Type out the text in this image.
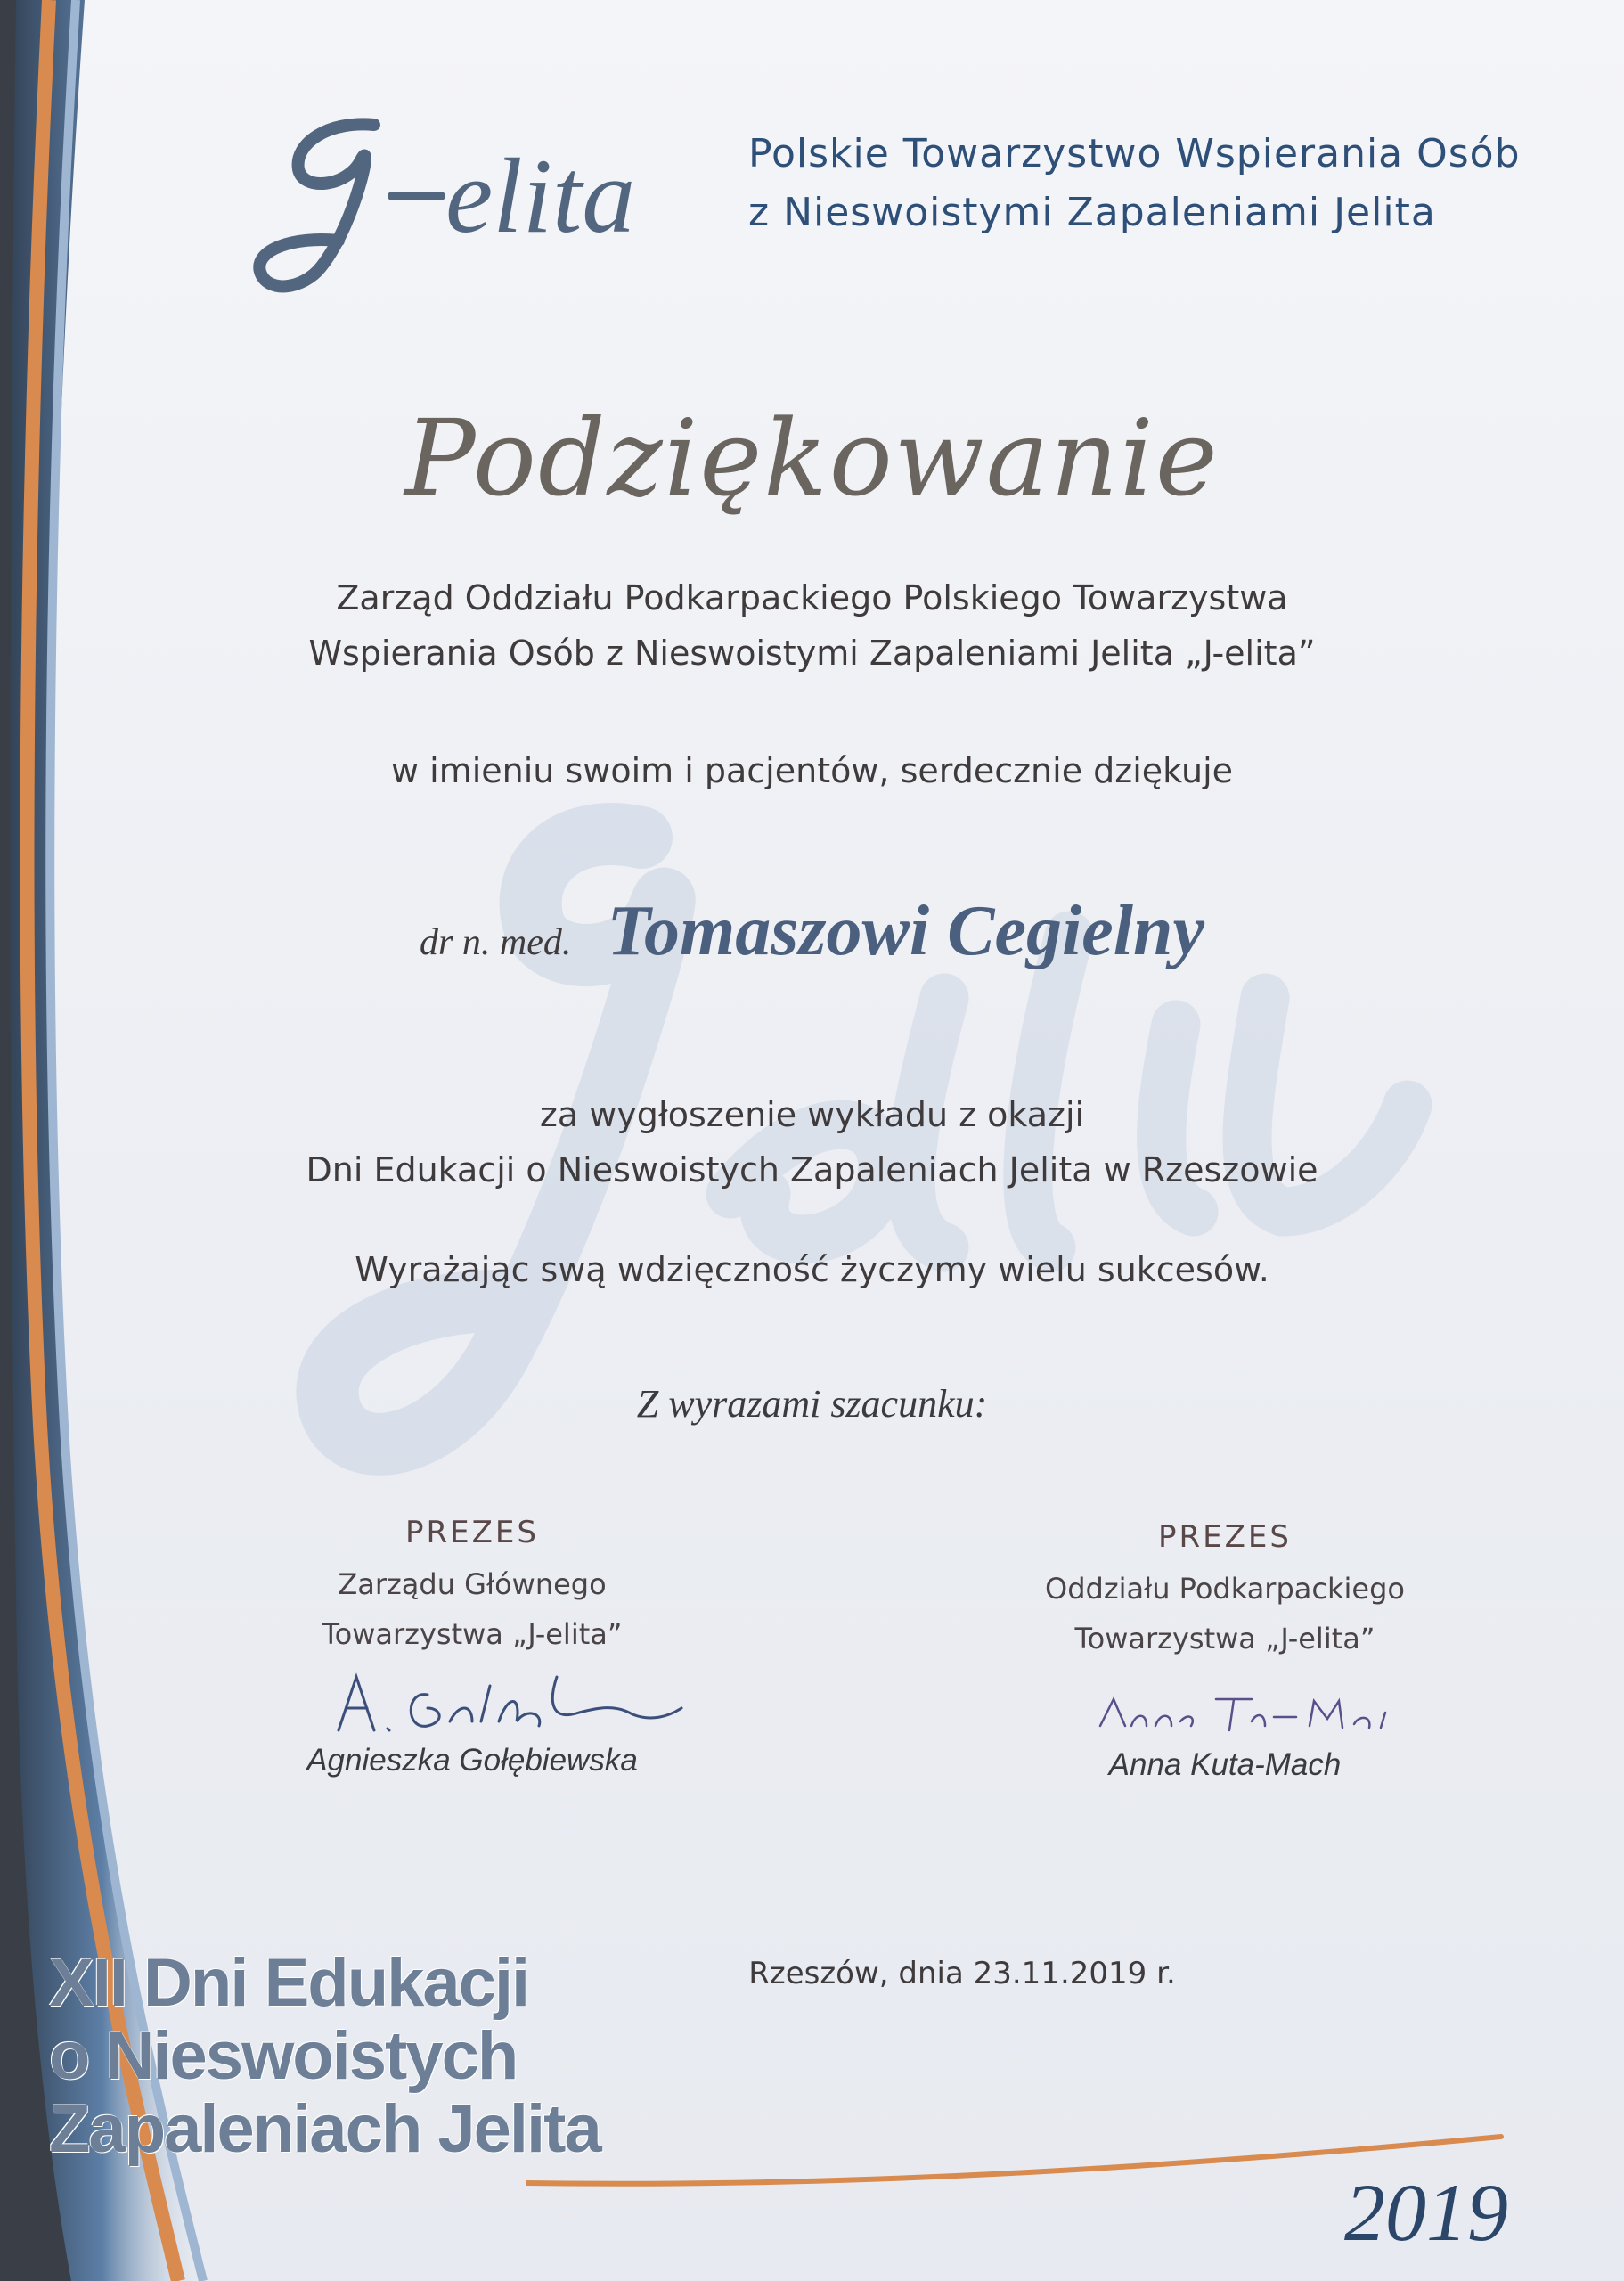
elita	Polskie Towarzystwo Wspierania Osób
z Nieswoistymi Zapaleniami Jelita
Podziękowanie
Zarząd Oddziału Podkarpackiego Polskiego Towarzystwa
Wspierania Osób z Nieswoistymi Zapaleniami Jelita „J-elita”
w imieniu swoim i pacjentów, serdecznie dziękuje
dr n. med. Tomaszowi Cegielny
za wygłoszenie wykładu z okazji
Dni Edukacji o Nieswoistych Zapaleniach Jelita w Rzeszowie
Wyrażając swą wdzięczność życzymy wielu sukcesów.
Z wyrazami szacunku:
PREZES
Zarządu Głównego
Towarzystwa „J-elita”
Agnieszka Gołębiewska
PREZES
Oddziału Podkarpackiego
Towarzystwa „J-elita”
Anna Kuta-Mach
Rzeszów, dnia 23.11.2019 r.
XII Dni Edukacji
o Nieswoistych
Zapaleniach Jelita
2019
